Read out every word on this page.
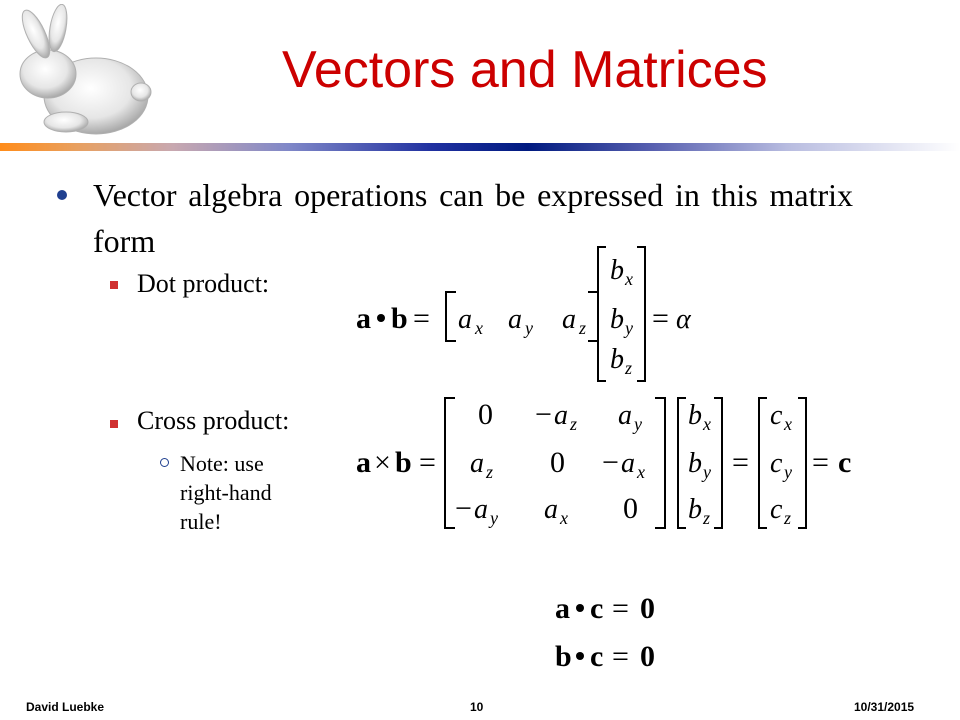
Vectors and Matrices
Vector algebra operations can be expressed in this matrix form
Dot product:
Cross product:
Note: use right-hand rule!
a b = a x a y a z
b x
b y
b z
= α
a × b =
0 − a z a y
a z 0 − a x
− a y a x 0
b x
b y
b z
=
c x
c y
c z
= c
a c = 0
b c = 0
David Luebke	10	10/31/2015
